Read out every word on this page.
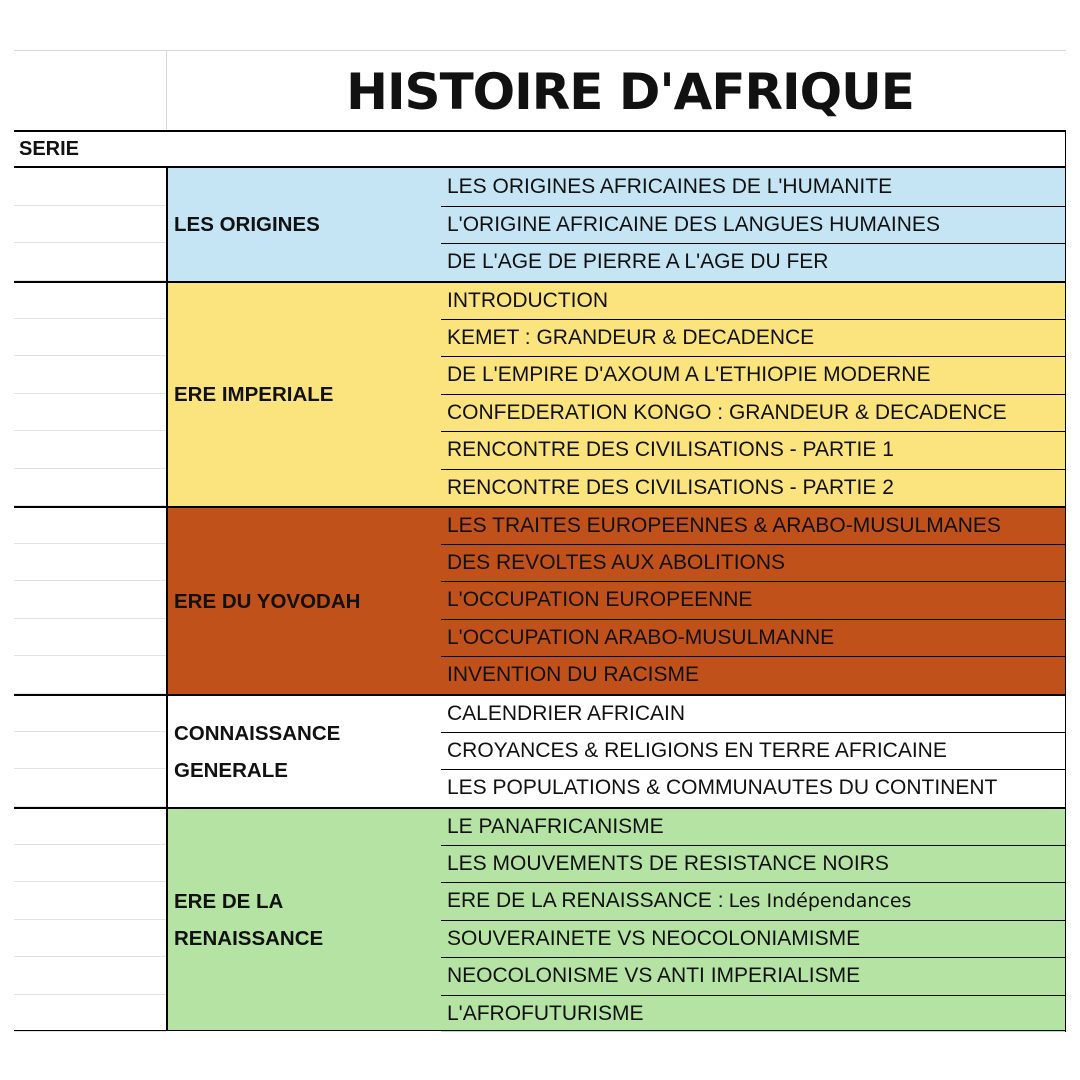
HISTOIRE D'AFRIQUE
SERIE
LES ORIGINES
LES ORIGINES AFRICAINES DE L'HUMANITE
L'ORIGINE AFRICAINE DES LANGUES HUMAINES
DE L'AGE DE PIERRE A L'AGE DU FER
ERE IMPERIALE
INTRODUCTION
KEMET : GRANDEUR & DECADENCE
DE L'EMPIRE D'AXOUM A L'ETHIOPIE MODERNE
CONFEDERATION KONGO : GRANDEUR & DECADENCE
RENCONTRE DES CIVILISATIONS - PARTIE 1
RENCONTRE DES CIVILISATIONS - PARTIE 2
ERE DU YOVODAH
LES TRAITES EUROPEENNES & ARABO-MUSULMANES
DES REVOLTES AUX ABOLITIONS
L'OCCUPATION EUROPEENNE
L'OCCUPATION ARABO-MUSULMANNE
INVENTION DU RACISME
CONNAISSANCE
GENERALE
CALENDRIER AFRICAIN
CROYANCES & RELIGIONS EN TERRE AFRICAINE
LES POPULATIONS & COMMUNAUTES DU CONTINENT
ERE DE LA
RENAISSANCE
LE PANAFRICANISME
LES MOUVEMENTS DE RESISTANCE NOIRS
ERE DE LA RENAISSANCE : Les Indépendances
SOUVERAINETE VS NEOCOLONIAMISME
NEOCOLONISME VS ANTI IMPERIALISME
L'AFROFUTURISME
